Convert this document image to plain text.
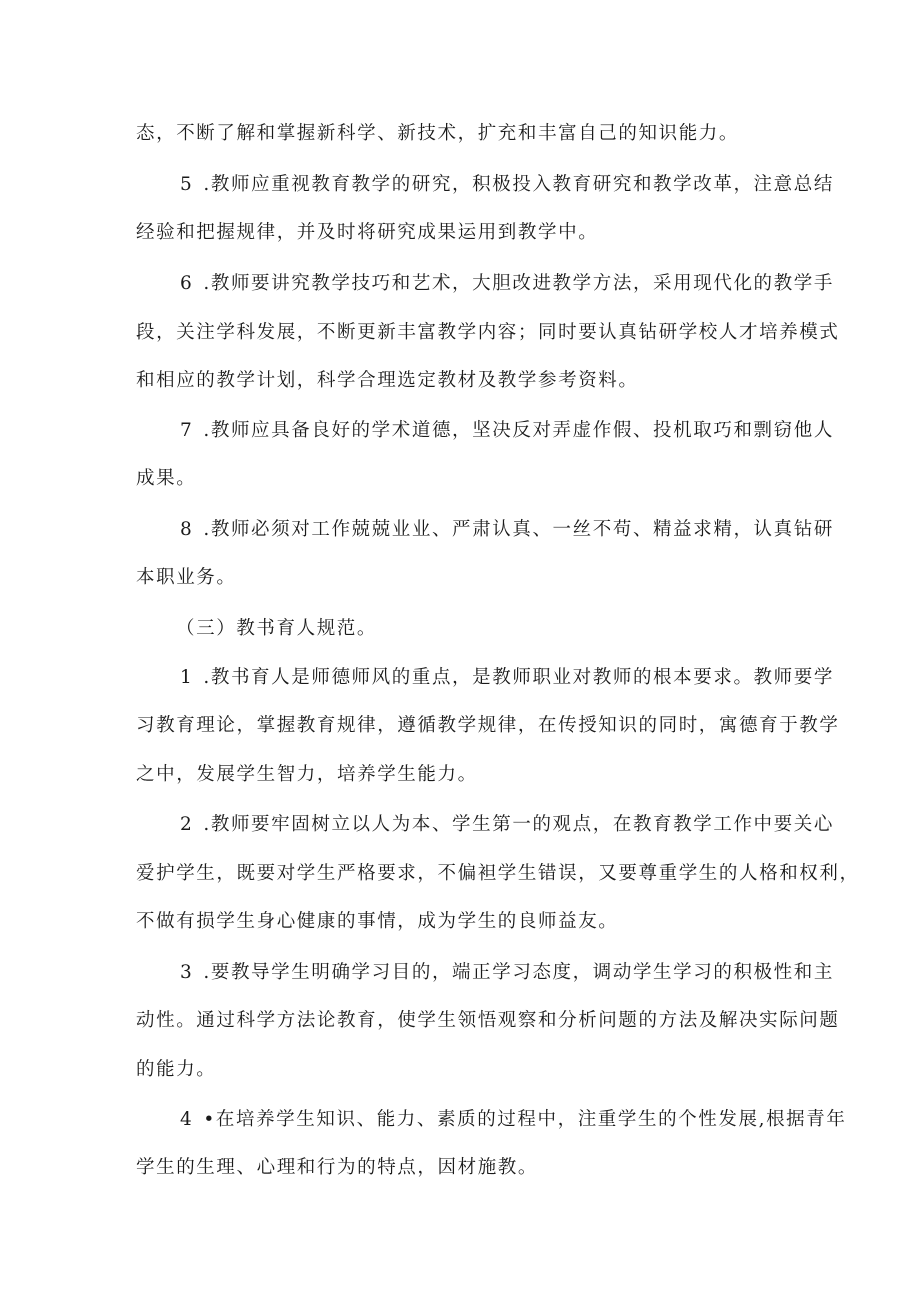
态，不断了解和掌握新科学、新技术，扩充和丰富自己的知识能力。
5 .教师应重视教育教学的研究，积极投入教育研究和教学改革，注意总结
经验和把握规律，并及时将研究成果运用到教学中。
6 .教师要讲究教学技巧和艺术，大胆改进教学方法，采用现代化的教学手
段，关注学科发展，不断更新丰富教学内容；同时要认真钻研学校人才培养模式
和相应的教学计划，科学合理选定教材及教学参考资料。
7 .教师应具备良好的学术道德，坚决反对弄虚作假、投机取巧和剽窃他人
成果。
8 .教师必须对工作兢兢业业、严肃认真、一丝不苟、精益求精，认真钻研
本职业务。
（三）教书育人规范。
1 .教书育人是师德师风的重点，是教师职业对教师的根本要求。教师要学
习教育理论，掌握教育规律，遵循教学规律，在传授知识的同时，寓德育于教学
之中，发展学生智力，培养学生能力。
2 .教师要牢固树立以人为本、学生第一的观点，在教育教学工作中要关心
爱护学生，既要对学生严格要求，不偏袒学生错误，又要尊重学生的人格和权利，
不做有损学生身心健康的事情，成为学生的良师益友。
3 .要教导学生明确学习目的，端正学习态度，调动学生学习的积极性和主
动性。通过科学方法论教育，使学生领悟观察和分析问题的方法及解决实际问题
的能力。
4 •在培养学生知识、能力、素质的过程中，注重学生的个性发展,根据青年
学生的生理、心理和行为的特点，因材施教。
